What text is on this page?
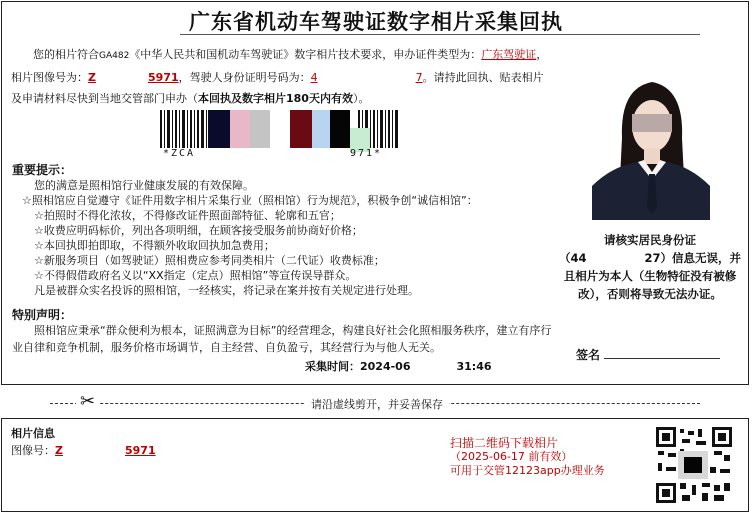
广东省机动车驾驶证数字相片采集回执
您的相片符合GA482《中华人民共和国机动车驾驶证》数字相片技术要求，申办证件类型为：广东驾驶证，相片图像号为：Z	5971，驾驶人身份证明号码为：4	7。请持此回执、贴表相片及申请材料尽快到当地交管部门申办（本回执及数字相片180天内有效）。
*ZCA	971*
重要提示：
您的满意是照相馆行业健康发展的有效保障。
☆照相馆应自觉遵守《证件用数字相片采集行业（照相馆）行为规范》，积极争创“诚信相馆”：
☆拍照时不得化浓妆，不得修改证件照面部特征、轮廓和五官；
☆收费应明码标价，列出各项明细，在顾客接受服务前协商好价格；
☆本回执即拍即取，不得额外收取回执加急费用；
☆新服务项目（如驾驶证）照相费应参考同类相片（二代证）收费标准；
☆不得假借政府名义以“XX指定（定点）照相馆”等宣传误导群众。
凡是被群众实名投诉的照相馆，一经核实，将记录在案并按有关规定进行处理。
特别声明：
照相馆应秉承“群众便利为根本，证照满意为目标”的经营理念，构建良好社会化照相服务秩序，建立有序行业自律和竞争机制，服务价格市场调节，自主经营、自负盈亏，其经营行为与他人无关。
采集时间：2024-06	31:46
请核实居民身份证
（44	27）信息无误，并且相片为本人（生物特征没有被修改），否则将导致无法办证。
签名
✂	请沿虚线剪开，并妥善保存
相片信息
图像号：Z	5971
扫描二维码下载相片
（2025-06-17 前有效）
可用于交管12123app办理业务
